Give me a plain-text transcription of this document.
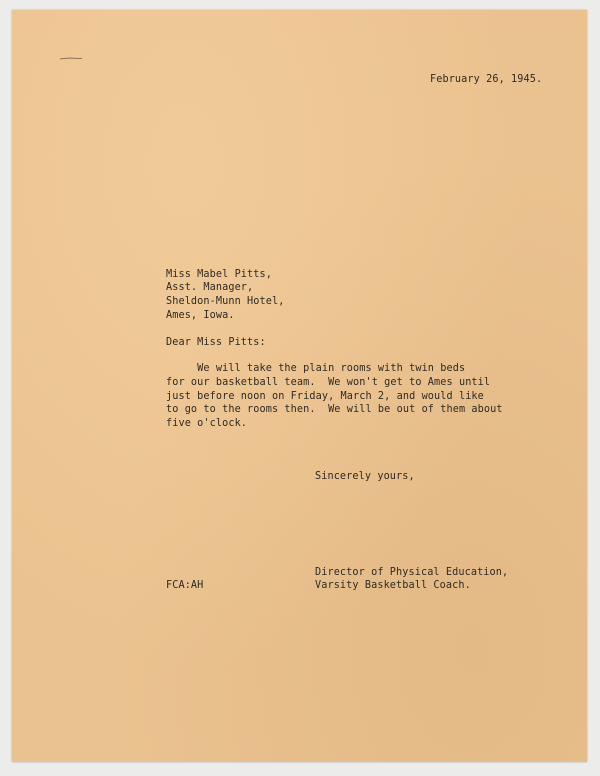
February 26, 1945.
Miss Mabel Pitts,
Asst. Manager,
Sheldon-Munn Hotel,
Ames, Iowa.
Dear Miss Pitts:
We will take the plain rooms with twin beds
for our basketball team.  We won't get to Ames until
just before noon on Friday, March 2, and would like
to go to the rooms then.  We will be out of them about
five o'clock.
Sincerely yours,
Director of Physical Education,
Varsity Basketball Coach.
FCA:AH
